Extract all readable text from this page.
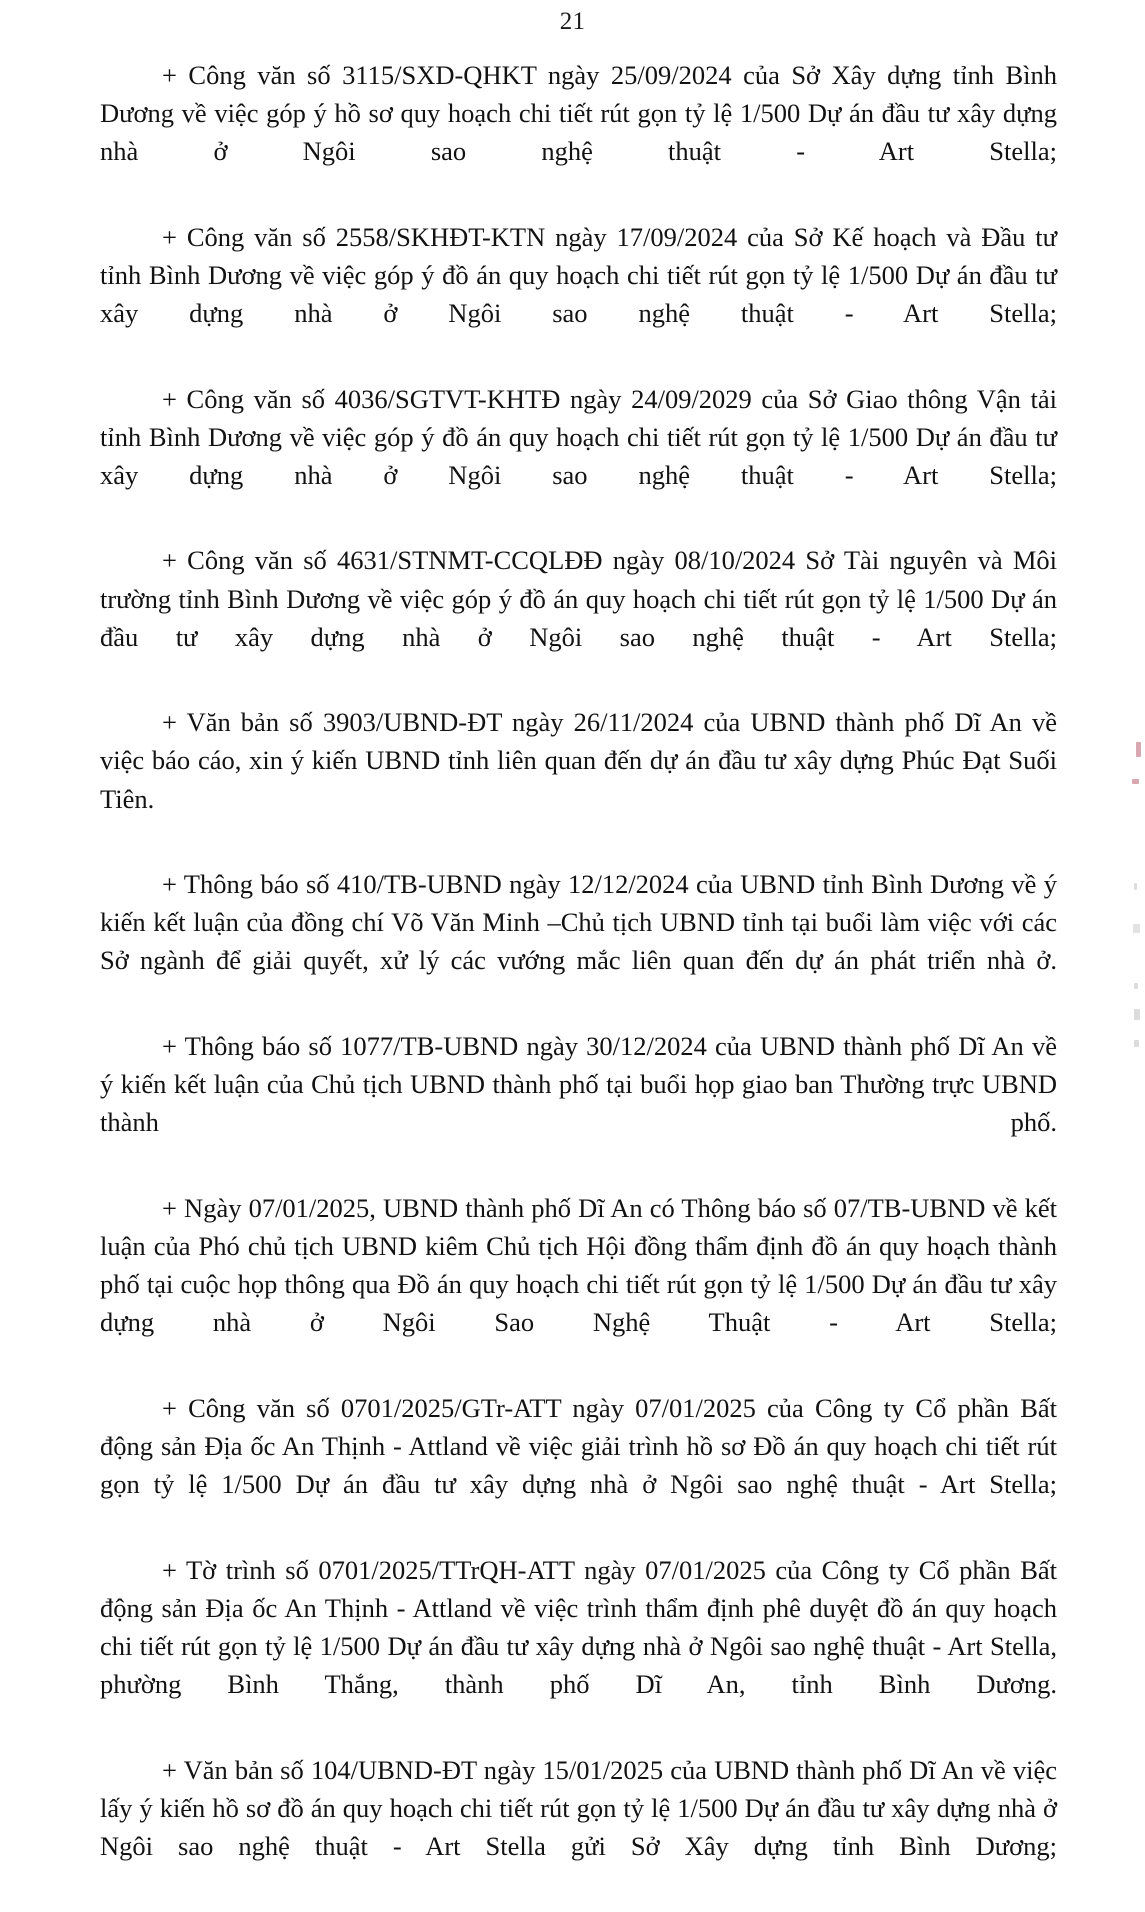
21

+ Công văn số 3115/SXD-QHKT ngày 25/09/2024 của Sở Xây dựng tỉnh Bình Dương về việc góp ý hồ sơ quy hoạch chi tiết rút gọn tỷ lệ 1/500 Dự án đầu tư xây dựng nhà ở Ngôi sao nghệ thuật - Art Stella;

+ Công văn số 2558/SKHĐT-KTN ngày 17/09/2024 của Sở Kế hoạch và Đầu tư tỉnh Bình Dương về việc góp ý đồ án quy hoạch chi tiết rút gọn tỷ lệ 1/500 Dự án đầu tư xây dựng nhà ở Ngôi sao nghệ thuật - Art Stella;

+ Công văn số 4036/SGTVT-KHTĐ ngày 24/09/2029 của Sở Giao thông Vận tải tỉnh Bình Dương về việc góp ý đồ án quy hoạch chi tiết rút gọn tỷ lệ 1/500 Dự án đầu tư xây dựng nhà ở Ngôi sao nghệ thuật - Art Stella;

+ Công văn số 4631/STNMT-CCQLĐĐ ngày 08/10/2024 Sở Tài nguyên và Môi trường tỉnh Bình Dương về việc góp ý đồ án quy hoạch chi tiết rút gọn tỷ lệ 1/500 Dự án đầu tư xây dựng nhà ở Ngôi sao nghệ thuật - Art Stella;

+ Văn bản số 3903/UBND-ĐT ngày 26/11/2024 của UBND thành phố Dĩ An về việc báo cáo, xin ý kiến UBND tỉnh liên quan đến dự án đầu tư xây dựng Phúc Đạt Suối Tiên.

+ Thông báo số 410/TB-UBND ngày 12/12/2024 của UBND tỉnh Bình Dương về ý kiến kết luận của đồng chí Võ Văn Minh –Chủ tịch UBND tỉnh tại buổi làm việc với các Sở ngành để giải quyết, xử lý các vướng mắc liên quan đến dự án phát triển nhà ở.

+ Thông báo số 1077/TB-UBND ngày 30/12/2024 của UBND thành phố Dĩ An về ý kiến kết luận của Chủ tịch UBND thành phố tại buổi họp giao ban Thường trực UBND thành phố.

+ Ngày 07/01/2025, UBND thành phố Dĩ An có Thông báo số 07/TB-UBND về kết luận của Phó chủ tịch UBND kiêm Chủ tịch Hội đồng thẩm định đồ án quy hoạch thành phố tại cuộc họp thông qua Đồ án quy hoạch chi tiết rút gọn tỷ lệ 1/500 Dự án đầu tư xây dựng nhà ở Ngôi Sao Nghệ Thuật - Art Stella;

+ Công văn số 0701/2025/GTr-ATT ngày 07/01/2025 của Công ty Cổ phần Bất động sản Địa ốc An Thịnh - Attland về việc giải trình hồ sơ Đồ án quy hoạch chi tiết rút gọn tỷ lệ 1/500 Dự án đầu tư xây dựng nhà ở Ngôi sao nghệ thuật - Art Stella;

+ Tờ trình số 0701/2025/TTrQH-ATT ngày 07/01/2025 của Công ty Cổ phần Bất động sản Địa ốc An Thịnh - Attland về việc trình thẩm định phê duyệt đồ án quy hoạch chi tiết rút gọn tỷ lệ 1/500 Dự án đầu tư xây dựng nhà ở Ngôi sao nghệ thuật - Art Stella, phường Bình Thắng, thành phố Dĩ An, tỉnh Bình Dương.

+ Văn bản số 104/UBND-ĐT ngày 15/01/2025 của UBND thành phố Dĩ An về việc lấy ý kiến hồ sơ đồ án quy hoạch chi tiết rút gọn tỷ lệ 1/500 Dự án đầu tư xây dựng nhà ở Ngôi sao nghệ thuật - Art Stella gửi Sở Xây dựng tỉnh Bình Dương;
